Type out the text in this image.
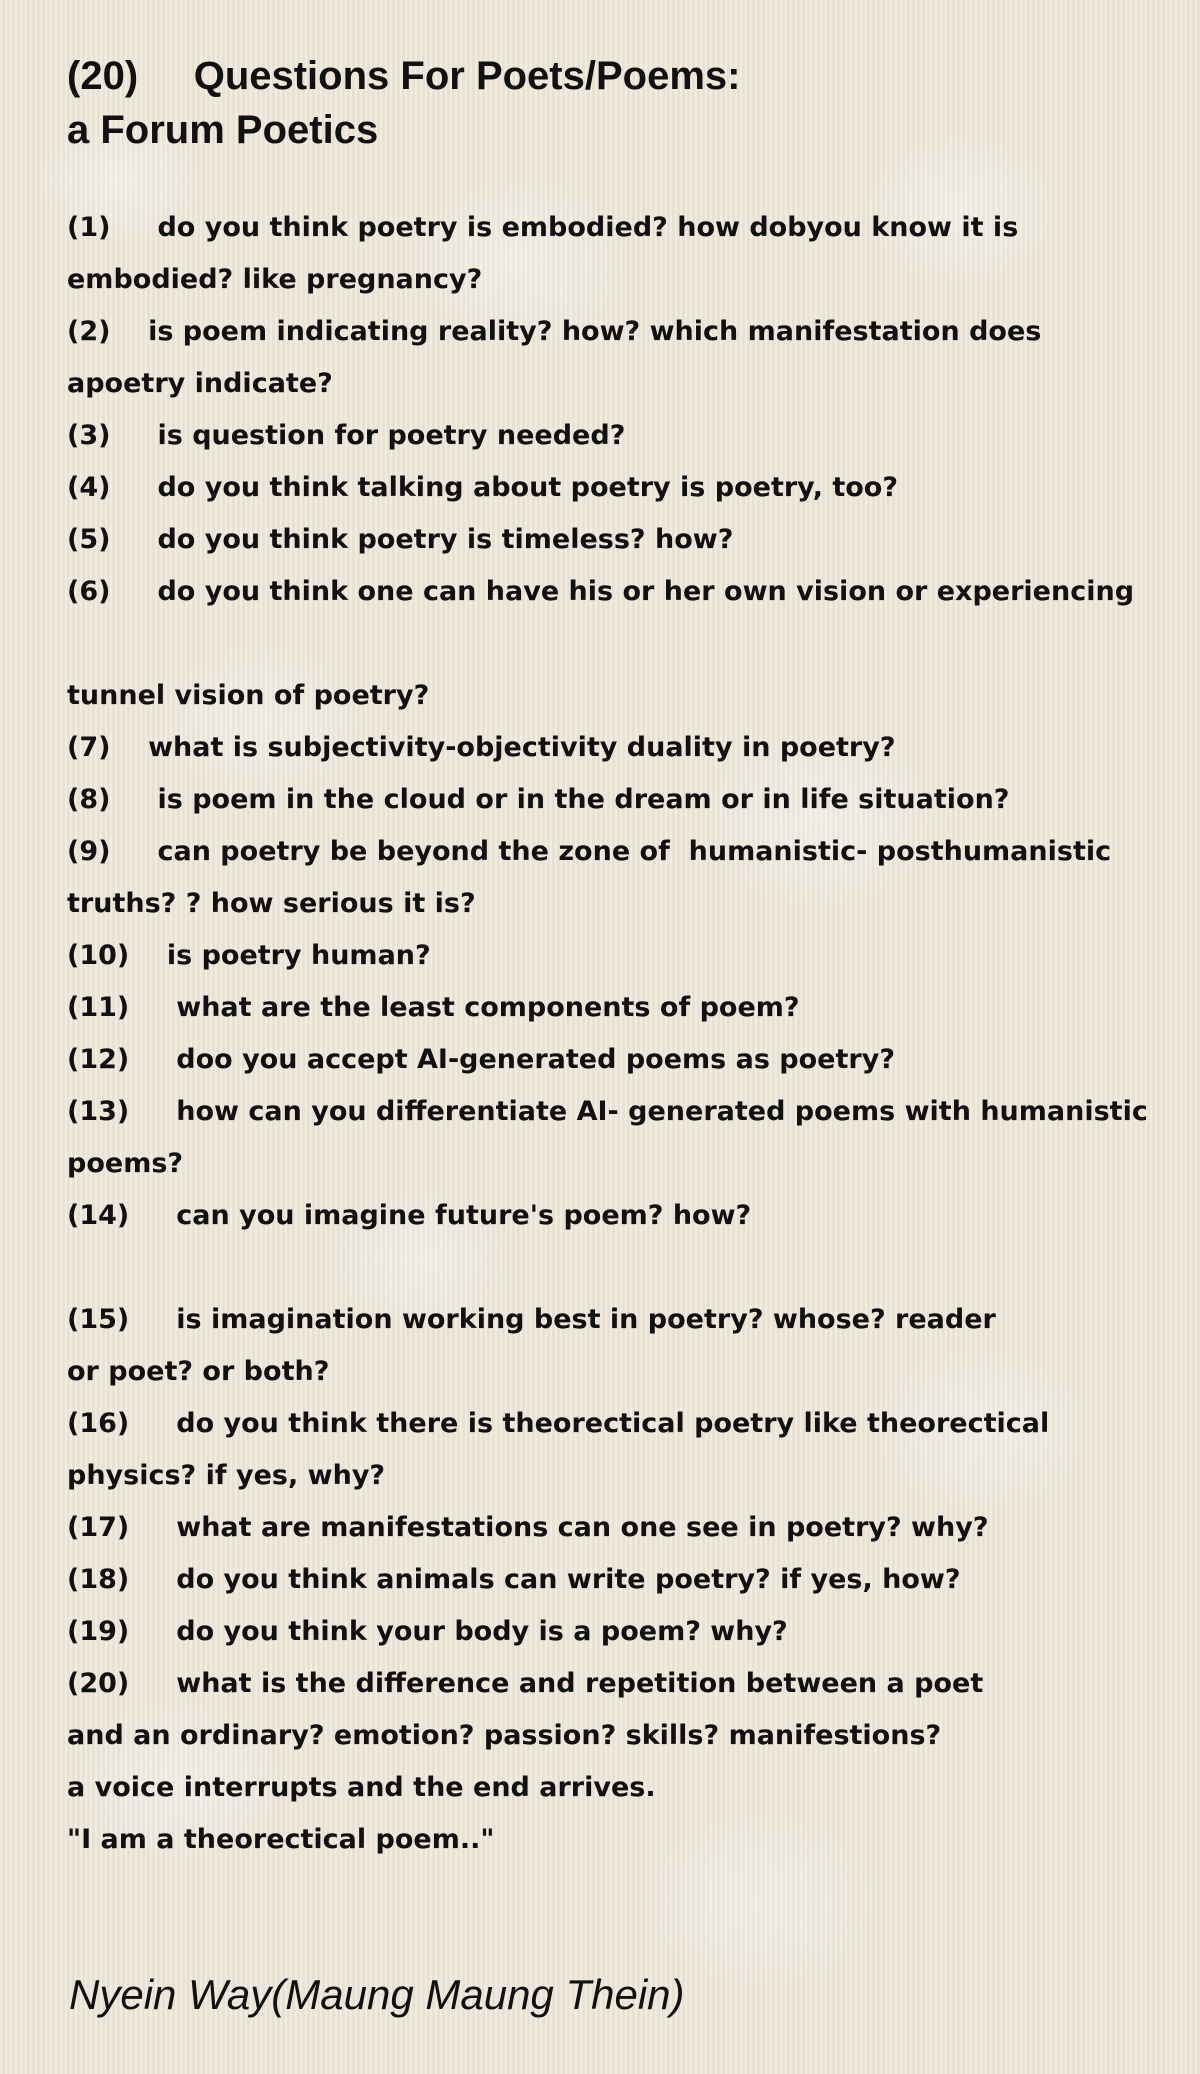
(20)     Questions For Poets/Poems:
a Forum Poetics
(1)     do you think poetry is embodied? how dobyou know it is
embodied? like pregnancy?
(2)    is poem indicating reality? how? which manifestation does
apoetry indicate?
(3)     is question for poetry needed?
(4)     do you think talking about poetry is poetry, too?
(5)     do you think poetry is timeless? how?
(6)     do you think one can have his or her own vision or experiencing
tunnel vision of poetry?
(7)    what is subjectivity-objectivity duality in poetry?
(8)     is poem in the cloud or in the dream or in life situation?
(9)     can poetry be beyond the zone of  humanistic- posthumanistic
truths? ? how serious it is?
(10)    is poetry human?
(11)     what are the least components of poem?
(12)     doo you accept AI-generated poems as poetry?
(13)     how can you differentiate AI- generated poems with humanistic
poems?
(14)     can you imagine future's poem? how?
(15)     is imagination working best in poetry? whose? reader
or poet? or both?
(16)     do you think there is theorectical poetry like theorectical
physics? if yes, why?
(17)     what are manifestations can one see in poetry? why?
(18)     do you think animals can write poetry? if yes, how?
(19)     do you think your body is a poem? why?
(20)     what is the difference and repetition between a poet
and an ordinary? emotion? passion? skills? manifestions?
a voice interrupts and the end arrives.
"I am a theorectical poem.."
Nyein Way(Maung Maung Thein)
